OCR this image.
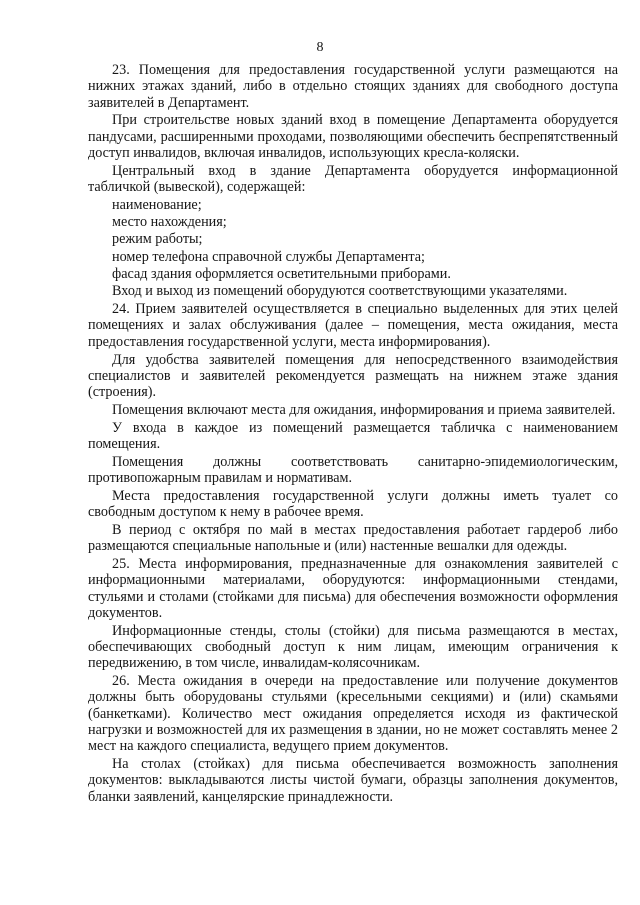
8

23. Помещения для предоставления государственной услуги размещаются на нижних этажах зданий, либо в отдельно стоящих зданиях для свободного доступа заявителей в Департамент.

При строительстве новых зданий вход в помещение Департамента оборудуется пандусами, расширенными проходами, позволяющими обеспечить беспрепятственный доступ инвалидов, включая инвалидов, использующих кресла-коляски.

Центральный вход в здание Департамента оборудуется информационной табличкой (вывеской), содержащей:

наименование;

место нахождения;

режим работы;

номер телефона справочной службы Департамента;

фасад здания оформляется осветительными приборами.

Вход и выход из помещений оборудуются соответствующими указателями.

24. Прием заявителей осуществляется в специально выделенных для этих целей помещениях и залах обслуживания (далее – помещения, места ожидания, места предоставления государственной услуги, места информирования).

Для удобства заявителей помещения для непосредственного взаимодействия специалистов и заявителей рекомендуется размещать на нижнем этаже здания (строения).

Помещения включают места для ожидания, информирования и приема заявителей.

У входа в каждое из помещений размещается табличка с наименованием помещения.

Помещения должны соответствовать санитарно-эпидемиологическим, противопожарным правилам и нормативам.

Места предоставления государственной услуги должны иметь туалет со свободным доступом к нему в рабочее время.

В период с октября по май в местах предоставления работает гардероб либо размещаются специальные напольные и (или) настенные вешалки для одежды.

25. Места информирования, предназначенные для ознакомления заявителей с информационными материалами, оборудуются: информационными стендами, стульями и столами (стойками для письма) для обеспечения возможности оформления документов.

Информационные стенды, столы (стойки) для письма размещаются в местах, обеспечивающих свободный доступ к ним лицам, имеющим ограничения к передвижению, в том числе, инвалидам-колясочникам.

26. Места ожидания в очереди на предоставление или получение документов должны быть оборудованы стульями (кресельными секциями) и (или) скамьями (банкетками). Количество мест ожидания определяется исходя из фактической нагрузки и возможностей для их размещения в здании, но не может составлять менее 2 мест на каждого специалиста, ведущего прием документов.

На столах (стойках) для письма обеспечивается возможность заполнения документов: выкладываются листы чистой бумаги, образцы заполнения документов, бланки заявлений, канцелярские принадлежности.
